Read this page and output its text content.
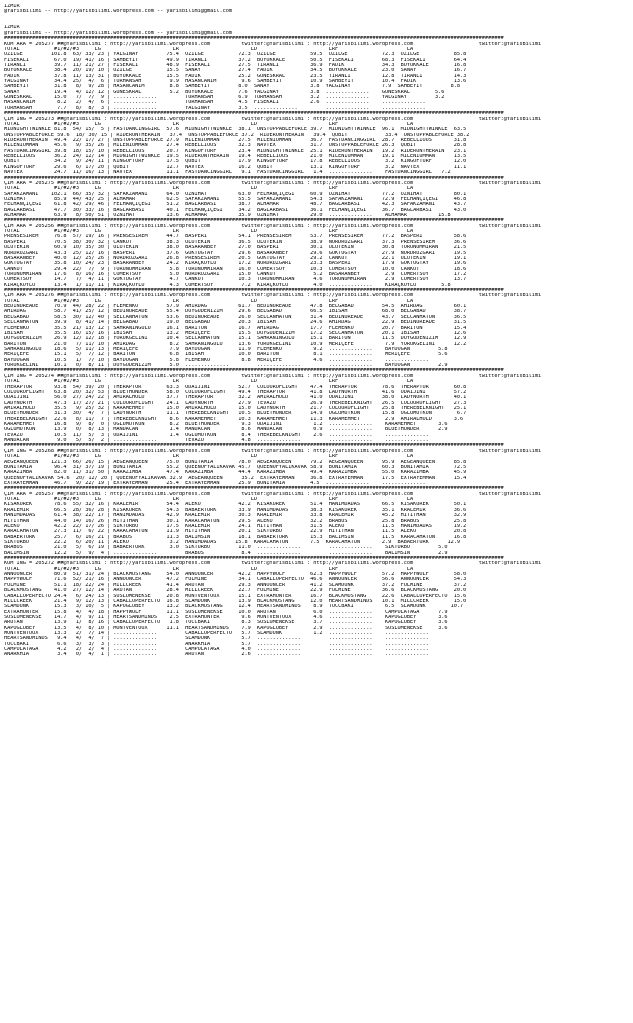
İZMİR
@YarisBilimi -- http://yarisbilimi.wordpress.com -- yarisbilimi@gmail.com
İZMİR
@YarisBilimi -- http://yarisbilimi.wordpress.com -- yarisbilimi@gmail.com
################################################################################################################################################################
KUM ARA = 205277 ##@YarisBilimi : http://yarisbilimi.wordpress.com          twitter:@YarisBilimi : http://yarisbilimi.wordpress.com                     twitter:@YarisBilimi
TOTAL           #1/#2/#3     LG                       LR                       LD                       LRF                      LA
ÖZİLGE         101.8  63/ 33/ 23 | YALGINAY         75.4  ÖZİLGE           72.3  ÖZİLGE           59.5  ÖZİLGE           72.3  ÖZİLGE           85.8
FISEKALI        67.0  19/ 41/ 16 | SAHBEYIT         49.9  TIRANLI          37.2  BÜYÜKKALE        50.5  FISEKALI         68.3  FISEKALI         64.4
TIRANLI         39.7  11/ 21/ 27 | FISEKALI         48.9  FISEKALI         27.5  TIRANLI          36.9  FADIK            34.3  BÜYÜKKALE        16.8
BÜYÜKKALE       38.4  20/ 19/ 10 | ÖZİLGE           15.5  SANAY            27.4  FADIK            34.5  BÜYÜKKALE        23.0  SANAY            16.7
FADIK           37.8  11/ 13/ 31 | BÜYÜKKALE        15.5  FADIK            25.2  GÜNESKRAL        23.5  TIRANLI          12.8  TIRANLI          14.3
YALGINAY        34.4  25/  4/  6 | TURHANSAH         9.9  HASANCANIM        9.6  SAHBEYIT         10.9  SAHBEYIT         10.4  FADIK            13.6
SAHBEYIT        31.8   8/  9/ 28 | HASANCANIM        8.8  SAHBEYIT         8.0  SANAY             3.8  YALGINAY          7.9  SAHBEYIT         8.8
SANAY           19.4   4/ 12/ 12 | GÜNESKRAL         5.2  BÜYÜKKALE        7.6  YALGINAY          3.8  ..............    GÜNESKRAL        5.6
GÜNESKRAL       15.0   7/  7/  9 | ..............         TURHANSAH        6.9  TURHANSAH         3.2  ..............    YALGINAY         3.2
HASANCANIM       8.2   2/  4/  6 | ..............         TURHANSAH        4.5  FISEKALI          2.6  ..............    ..............
TURHANSAH        7.7   8/  8/  3 | ..............         YALGINAY         3.5  ..............         ..............    ..............
################################################################################################################################################################
ÇIM ING = 205273 ##@YarisBilimi : http://yarisbilimi.wordpress.com          twitter:@YarisBilimi : http://yarisbilimi.wordpress.com                     twitter:@YarisBilimi
TOTAL           #1/#2/#3     LG                       LR                       LD                       LRF                      LA
MIDNIGHTTWINKLE 81.8  54/ 15/  5 | FASTDANCINGGIRL  57.6  MIDNIGHTTWINKLE  38.1  UNSTOPPABLEFORCE 39.7  MIDNIGHTTWINKLE  96.1  MIDNIGHTTWINKLE  63.5
UNSTOPPABLEFORCE 59.6  18/ 30/ 15 | RIDERONTHERAIN   37.4  UNSTOPPABLEFORCE 37.2  RIDERONTHERAIN   39.4  QUBIT            33.4  UNSTOPPABLEFORCE 38.2
RIDERONTHERAIN  49.4  22/ 17/ 27 | UNSTOPPABLEFORCE 27.9  MILENIUMMAN      27.5  MILENIUMMAN      36.7  FASTDANCINGGIRL  28.7  REBELLIOUS       31.8
MILENIUMMAN     45.6   9/ 35/ 26 | MILENIUMMAN      27.4  REBELLIOUS       32.3  NAVTEX           31.7  UNSTOPPABLEFORCE 26.3  QUBIT            28.8
FASTDANCINGGIRL 39.8  18/ 15/ 10 | REBELLIOUS       20.7  KINGOFTURF       23.4  MIDNIGHTTWINKLE  25.1  RIDERONTHERAIN   19.2  RIDERONTHERAIN   23.1
REBELLIOUS      36.2  24/ 12/ 14 | MIDNIGHTTWINKLE  19.5  RIDERONTHERAIN   19.4  REBELLIOUS       21.0  MILENIUMMAN      19.1  MILENIUMMAN      13.5
QUBIT           34.2   9/ 24/ 11 | KINGOFTURF       17.5  QUBIT            17.9  KINGOFTURF       17.8  REBELLIOUS        3.2  KINGOFTURF       12.0
KINGOFTURF      29.6   6/ 17/ 20 | QUBIT            12.7  NAVTEX           16.2  QUBIT            13.1  KINGOFTURF        3.2  NAVTEX           11.1
NAVTEX          24.7  11/ 16/ 13 | NAVTEX           11.1  FASTDANCINGGIRL   9.1  FASTDANCINGGIRL   1.4  ..............    FASTDANCINGGIRL   7.2
################################################################################################################################################################
ÇIM ARA = 205275 ##@YarisBilimi : http://yarisbilimi.wordpress.com          twitter:@YarisBilimi : http://yarisbilimi.wordpress.com                     twitter:@YarisBilimi
TOTAL           #1/#2/#3     LG                       LR                       LD                       LRF                      LA
SAFAKZAMANI    102.1  66/ 35/ 32 | SAFAKZAMANI      64.0  ÖZNIHAT          63.0  FELHANÇIÇEGI     60.9  ÖZNIHAT          77.2  ÖZNIHAT          80.1
ÖZNIHAT         85.9  44/ 43/ 25 | ALHAMAR          62.5  SAFAKZAMANI      55.5  SAFAKZAMANI      54.3  SAFAKZAMANI      72.9  FELHANÇIÇEGI     46.8
FELHANÇIÇEGI    61.8  42/ 29/ 46 | FELHANÇIÇEGI     51.2  BAGLARBASI       38.7  ALHAMAR          48.7  BAGLARBASI       42.3  SAFAKZAMANI      43.7
BAGLARBASI      47.7  30/ 33/ 16 | BAGLARBASI       40.1  FELHANÇIÇEGI     34.2  BAGLARBASI       36.1  FELHANÇIÇEGI     36.7  BAGLARBASI       43.0
ALHAMAR         63.9   8/ 50/ 51 | ÖZNIHAT          13.6  ALHAMAR          35.9  ÖZNIHAT          29.0  ..............    ALHAMAR          15.8
################################################################################################################################################################
ÇIM ARA = 205256 ##@YarisBilimi : http://yarisbilimi.wordpress.com          twitter:@YarisBilimi : http://yarisbilimi.wordpress.com                     twitter:@YarisBilimi
TOTAL           #1/#2/#3     LG                       LR                       LD                       LRF                      LA
PRENSESIREM     76.8  57/ 19/ 16 | PRENSESIREM      44.7  BASPERI          54.1  PRENSESIREM      53.7  PRENSESIREM      77.2  BASPERI          58.6
BASPERI         70.5  38/ 30/ 32 | CANKUT           38.3  ULUTEKIN         36.5  ULUTEKIN         38.9  NORDRÜZGARI      37.3  PRENSESIREM      36.6
ULUTEKIN        60.9  10/ 35/ 30 | ULUTEKIN         38.0  BASARANBEY       27.0  BASPERI          30.1  ULUTEKIN         30.8  TORUNUMMIRAN     21.5
NORDRÜZGARI     43.3  25/ 12/ 16 | BASPERI          37.6  GÖKTUGTAY        29.6  BASARANBEY       29.6  GÖKTUGTAY        27.9  NORDRÜZGARI      19.5
BASARANBEY      40.0  12/ 25/ 26 | NORDRÜZGARI      26.8  PRENSESIREM      20.5  GÖKTUGTAY        29.2  CANKUT           22.1  ULUTEKIN         19.1
GÖKTUGTAY       35.8  10/ 24/ 23 | BASARANBEY       24.2  KIRAÇKÖYLÜ       17.2  NORDRÜZGARI      23.3  BASPERI          17.9  GÖKTUGTAY        19.6
CANKUT          29.4  22/  7/  9 | TORUNUMMIRAN      5.8  TORUNUMMIRAN     16.0  CÖMERTSOY        10.3  CÖMERTSOY        10.0  CANKUT           18.6
TORUNUMMIRAN    17.6   8/ 16/ 16 | CÖMERTSOY         5.0  NORDRÜZGARI      15.0  CANKUT            5.2  BASARANBEY        2.9  CÖMERTSOY        17.2
CÖMERTSOY       14.7   7/  4/ 11 | GÖKTUGTAY         4.7  CANKUT           10.3  TORUNUMMIRAN      4.6  TORUNUMMIRAN      2.9  CÖMERTSOY        13.7
KIRAÇKÖYLÜ      13.4   1/ 11/ 11 | KIRAÇKÖYLÜ        4.3  CÖMERTSOY         7.2  KIRAÇKÖYLÜ        4.0  ..............    KIRAÇKÖYLÜ        5.8
################################################################################################################################################################
ÇIM ARA = 205276 ##@YarisBilimi : http://yarisbilimi.wordpress.com          twitter:@YarisBilimi : http://yarisbilimi.wordpress.com                     twitter:@YarisBilimi
TOTAL           #1/#2/#3     LG                       LR                       LD                       LRF                      LA
BEDINUREADE     70.9  44/ 28/ 22 | FLEMENKO         57.9  AHIRDAG          61.7  BEDINUREADE      47.8  BELGABAD         54.5  AHIRDAG          60.1
AHIRDAG         58.7  41/ 25/ 12 | BEDINUREADE      55.4  DUYGUDENIZIM     29.6  BELGABAD         66.5  IBISAH           68.0  BELGABAD         38.7
BELGABAD        58.5  30/ 12/ 40 | SELCANHATUN      53.6  BEDINUREADE      26.0  SELCANHATUN      31.4  BEDINUREADE      43.7  SELCANHATUN      36.5
SELCANHATUN     39.9   8/ 41/ 14 | BELGABAD         19.0  BELGABAD         20.3  IBISAH           24.6  AHIRDAG          22.9  BEDINUREADE      31.5
FLEMENKO        35.5  21/ 13/ 12 | SAHRANINGÜLÜ     16.1  BARITON          16.7  AHIRDAG          17.7  FLEMENKO         20.7  BARITON          15.4
IBISAH          35.5  16/ 15/ 16 | IBISAH           13.2  MERIÇEFE         15.5  DUYGUDENIZIM     17.2  SELCANHATUN      20.1  IBISAH           12.6
DUYGUDENIZIM    26.9  12/ 12/ 18 | YÖRÜKGELINI      10.4  SELCANHATUN      15.1  SAHRANINGÜLÜ     15.1  BARITON          11.5  DUYGUDENIZIM     12.9
BARITON         21.0   7/ 11/ 10 | AHIRDAG           8.2  SAHRANINGÜLÜ     13.6  YÖRÜKGELINI      10.9  MERIÇEFE          7.9  YÖRÜKGELINI      12.2
SAHRANINGÜLÜ    18.6   5/ 11/ 13 | MERIÇEFE          7.9  BAYDOGAN         11.9  FLEMENKO          9.2  ..............    BAYDOGAN         5.8
MERIÇEFE        15.1   5/  7/ 12 | BARITON           6.8  IBISAH           10.0  BARITON           8.1  ..............    MERIÇEFE         5.6
BAYDOGAN        10.5   1/  7/ 10 | BAYDOGAN          5.8  FLEMENKO          8.8  MERIÇEFE          4.6  ..............    ..............
YÖRÜKGELINI     10.1   0/  8/ 11 | DUYGUDENIZIM      5.0  ..............         ..............         ..............    BAYDOGAN         2.9
################################################################################################################################################################
ÇIM ING = 205274 ##@YarisBilimi : http://yarisbilimi.wordpress.com          twitter:@YarisBilimi : http://yarisbilimi.wordpress.com                     twitter:@YarisBilimi
TOTAL           #1/#2/#3     LG                       LR                       LD                       LRF                      LA
THERAPTOR       93.8  54/ 39/ 20 | THERAPTOR        63.3  ODAIJINI         52.7  COLOUROFLIGHT    47.4  THERAPTOR        78.6  THERAPTOR        60.8
COLOUROFLIGHT   63.8  20/ 32/ 53 | BLUETHUNDER      58.0  COLOUROFLIGHT    49.4  THERAPTOR        41.8  LADYNORTH        41.6  ODAIJINI         57.2
ODAIJINI        56.0  27/ 24/ 22 | AMIRALHOLD       37.7  THERAPTOR        32.2  AMIRALHOLD       41.0  ODAIJINI         38.0  LADYNORTH        40.1
LADYNORTH       47.3  17/ 27/ 21 | COLOUROFLIGHT    24.1  LADYNORTH        27.9  TEVAZU           26.9  THEREBELKNIGHT   26.5  COLOUROFLIGHT    27.3
AMIRALHOLD      35.5   9/ 25/ 32 | KARAMEHMET       15.0  AMIRALHOLD       15.0  LADYNORTH        21.7  COLOUROFLIGHT    25.8  THEREBELKNIGHT   25.1
BLUETHUNDER     31.3  30/  4/  7 | LADYNORTH        11.1  THEREBELKNIGHT   10.5  BLUETHUNDER      14.9  OGLUMUTKUN       15.8  OGLUMUTKUN        6.7
THEREBELKNIGHT  22.6   8/ 11/  7 | THEREBELKNIGHT    8.6  KARAMEHMET       10.3  KARAMEHMET       11.3  KARAMEHMET        2.9  AMIRALHOLD       3.6
KARAMEHMET      16.8   9/  8/  0 | OGLUMUTKUN        8.2  BLUETHUNDER       9.3  ODAIJINI          1.2  ..............    KARAMEHMET       3.6
OGLUMUTKUN      13.9   0/  8/ 13 | MANDACAN          1.4  MANDACAN          8.6  MANDACAN          0.9  ..............    BLUETHUNDER      2.9
TEVAZU          10.5  11/  5/  3 | ODAIJINI          1.4  OGLUMUTKUN        8.4  THEREBELKNIGHT    2.6  ..............    ..............
MANDACAN         9.0   5/  5/  2 | ..............         TEVAZU            4.8  ..............         ..............    ..............
################################################################################################################################################################
ÇIM ING = 205268 ##@YarisBilimi : http://yarisbilimi.wordpress.com          twitter:@YarisBilimi : http://yarisbilimi.wordpress.com                     twitter:@YarisBilimi
TOTAL           #1/#2/#3     LG                       LR                       LD                       LRF                      LA
AEGEANQUEEN    121.3  66/ 26/ 15 | AEGEANQUEEN      75.0  BONITAMIA        78.0  AEGEANQUEEN      79.2  AEGEANQUEEN      95.9  AEGEANQUEEN      85.8
BONITAMIA       96.4  31/ 37/ 19 | BONITAMIA        55.2  QUEENOFYALIKAVAK 45.7  QUEENOFYALIKAVAK 58.9  BONITAMIA        60.3  BONITAMIA        72.5
KARAZIMBA       82.0  11/ 31/ 50 | KARAZIMBA        47.4  KARAZIMBA        44.4  KARAZIMBA        49.4  KARAZIMBA        55.0  KARAZIMBA        45.9
QUEENOFYALIKAVAK 54.6  20/ 12/ 20 | QUEENOFYALIKAVAK 32.9  AEGEANQUEEN      35.2  EXTRAYEMMAN     36.8  EXTRAYEMMAN      17.5  EXTRAYEMMAN      15.4
EXTRAYEMMAN     46.7   9/ 22/ 19 | EXTRAYEMMAN      25.4  EXTRAYEMMAN      25.9  BONITAMIA        4.5  ..............    ..............
################################################################################################################################################################
ÇIM ARA = 205257 ##@YarisBilimi : http://yarisbilimi.wordpress.com          twitter:@YarisBilimi : http://yarisbilimi.wordpress.com                     twitter:@YarisBilimi
TOTAL           #1/#2/#3     LG                       LR                       LD                       LRF                      LA
KISAKÜREK       78.6  55/ 32/ 16 | KRALEMIR         54.4  ALEKO            42.2  KISAKÜREK        51.4  HANIMDADAS       66.5  KISAKÜREK        50.1
KRALEMIR        66.5  28/ 36/ 28 | KISAKÜREK        54.3  BABAERTÜRK       33.9  HANIMDADAS       38.3  KISAKÜREK        35.1  KRALEMIR         36.6
HANIMDADAS      61.4  38/ 22/ 17 | HANIMDADAS       42.9  KRALEMIR         30.3  KRALEMIR         33.8  KRALEMIR         45.2  HITITHAN         32.9
HITITHAN        44.0  14/ 16/ 26 | HITITHAN         30.1  KARACAHATUN      29.5  ALEKO            32.2  BRABUS           25.8  BRABUS           25.8
ALEKO           42.2  22/ 17/ 26 | SIKTURBO         17.5  KRALEMIR         24.1  HITITHAN         31.5  ALEKO            11.5  HANIMDADAS       19.2
KARACAHATUN     27.3  11/  6/ 22 | KARACAHATUN      11.9  HITITHAN         20.1  SIKTURBO         22.9  HITITHAN         11.5  ALEKO            20.8
BABAERTÜRK      25.7   6/ 16/ 21 | BRABUS           11.3  BALIMSIN         18.1  BABAERTÜRK       15.3  BALIMSIN         11.5  KARACAHATUN      16.8
SIKTURBO        22.2   6/ 20/ 11 | ALEKO             3.2  HANIMDADAS      15.8  KARACAHATUN       7.5  KARACAHATUN       2.9  BABAERTÜRK      12.9
BRABUS          21.0   5/  6/ 19 | BABAERTÜRK        3.0  SIKTURBO         11.0  ..............         ..............    SIKTURBO         5.0
BALIMSIN        12.2   5/  9/  4 | ..............         BRABUS            8.4  ..............         ..............    BALIMSIN         2.9
################################################################################################################################################################
KUM ING = 205272 ##@YarisBilimi : http://yarisbilimi.wordpress.com          twitter:@YarisBilimi : http://yarisbilimi.wordpress.com                     twitter:@YarisBilimi
TOTAL           #1/#2/#3     LG                       LR                       LD                       LRF                      LA
ANNOUNCER       80.9  51/ 31/ 24 | BLACKMUSTANG     54.0  ANNOUNCER        42.2  HAPPYWOLF        62.3  HAPPYWOLF        57.2  HAPPYWOLF        58.0
HAPPYWOLF       71.6  52/ 21/ 16 | ANNOUNCER        47.2  FULMINE          34.1  CABALLOPERFECTO  46.6  ANNOUNCER        56.6  ANNOUNCER        54.3
FULMINE         51.1  18/ 22/ 24 | MILLCREEK        41.4  ARUTAN           29.3  ANNOUNCER        41.2  SLAMDUNK         37.2  FULMINE          37.2
BLACKMUSTANG    41.0  27/ 12/ 14 | ARUTAN           28.4  MILLCREEK        22.7  FULMINE          22.9  FULMINE          36.6  BLACKMUSTANG     20.0
CABALLOPERFECTO 24.4   6/ 24/ 13 | SÜSLÜMENEKSE     20.8  MONTVENTOUX      15.1  EXTRAHUNTER      16.7  BLACKMUSTANG     22.6  CABALLOPERFECTO  15.6
MILLCREEK       21.4   9/ 12/ 13 | CABALLOPERFECTO  16.8  SLAMDUNK         13.9  BLACKMUSTANG     12.0  HEARTSANDMINDS   10.1  MILLCREEK        15.0
SLAMDUNK        15.3   3/ 10/  5 | KAPOGLUBEY       13.2  BLACKMUSTANG     12.4  HEARTSANDMINDS    8.9  TOCCBAKI          6.5  SLAMDUNK        10.7
EXTRAHUNTER     15.8   4/  4/ 18 | HAPPYWOLF        11.1  SÜSLÜMENEKSE     10.0  ARUTAN            6.0  ..............    CAMPOLATAGA      7.9
SÜSLÜMENEKSE    14.7   4/  9/ 11 | HEARTSANDMINDS    2.5  EXTRAHUNTER       9.6  MONTVENTOUX       4.6  ..............    KAPOGLUBEY       3.6
ARUTAN          13.9   1/  8/ 16 | CABALLOPERFECTO   1.8  TOCCBAKI          8.3  SÜSLÜMENEKSE      3.7  ..............    KAPOGLUBEY       3.6
KAPOGLUBEY      13.5   4/  8/ 10 | MONTVENTOUX      11.1  HEARTSANDMINDS    7.9  KAPOGLUBEY        2.9  ..............    SÜSLÜMENEKSE     3.6
MONTVENTOUX     13.3   2/  7/ 14 | ..............         CABALLOPERFECTO   5.7  SLAMDUNK          1.2  ..............    ..............
HEARTSANDMINDS   9.4   4/  4/  7 | ..............         SLAMDUNK          5.7  ..............         ..............    ..............
TOCCBAKI         6.6   3/  3/  3 | ..............         ANARKHIA          5.7  ..............         ..............    ..............
CAMPOLATAGA      4.2   2/  2/  4 | ..............         CAMPOLATAGA       4.0  ..............         ..............    ..............
ANARKHIA         3.4   0/  4/  1 | ..............         ARUTAN            2.6  ..............         ..............    ..............
